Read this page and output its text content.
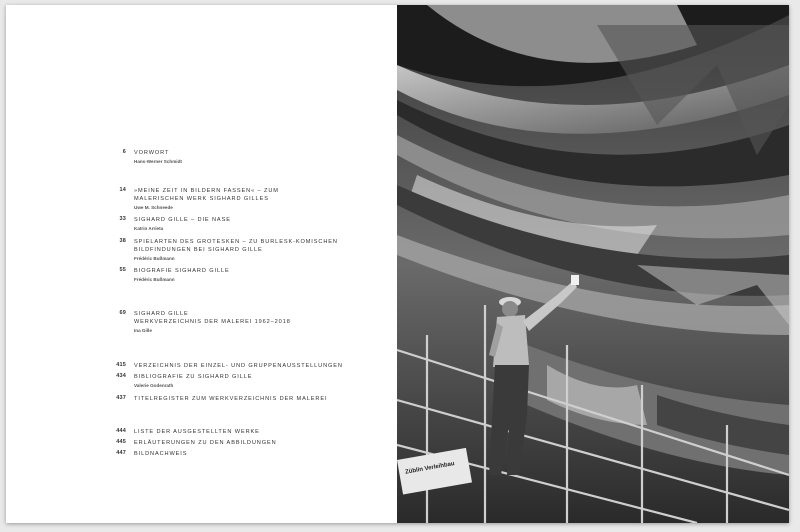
6 VORWORT
Hans-Werner Schmidt
14 »MEINE ZEIT IN BILDERN FASSEN« – ZUM
MALERISCHEN WERK SIGHARD GILLES
Uwe M. Schneede
33 SIGHARD GILLE – DIE NASE
Katrin Arrieta
38 SPIELARTEN DES GROTESKEN – ZU BURLESK-KOMISCHEN
BILDFINDUNGEN BEI SIGHARD GILLE
Frédéric Bußmann
55 BIOGRAFIE SIGHARD GILLE
Frédéric Bußmann
69 SIGHARD GILLE
WERKVERZEICHNIS DER MALEREI 1962–2018
Ina Gille
415 VERZEICHNIS DER EINZEL- UND GRUPPENAUSSTELLUNGEN
434 BIBLIOGRAFIE ZU SIGHARD GILLE
Valerie Godenrath
437 TITELREGISTER ZUM WERKVERZEICHNIS DER MALEREI
444 LISTE DER AUSGESTELLTEN WERKE
445 ERLÄUTERUNGEN ZU DEN ABBILDUNGEN
447 BILDNACHWEIS
Züblin Verleihbau
